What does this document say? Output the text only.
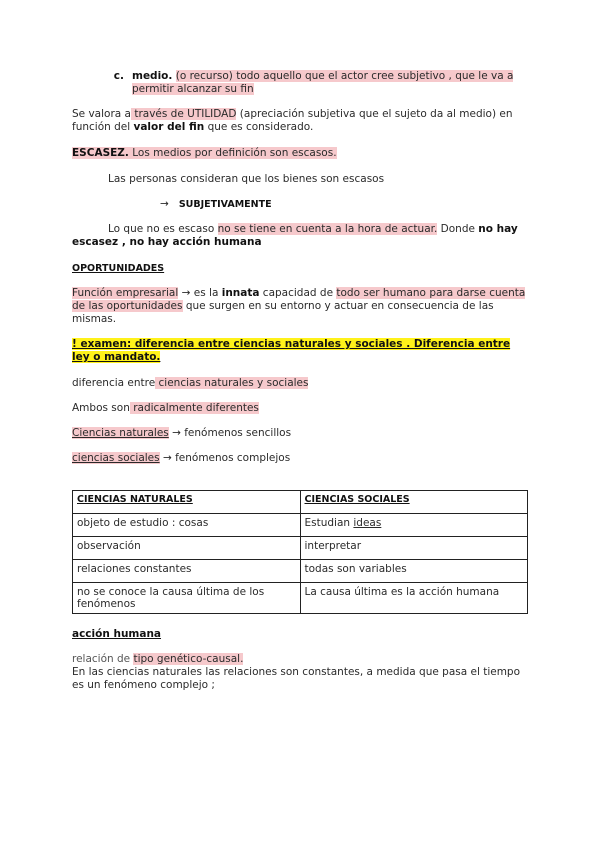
c. medio. (o recurso) todo aquello que el actor cree subjetivo , que le va a permitir alcanzar su fin
Se valora a través de UTILIDAD (apreciación subjetiva que el sujeto da al medio) en función del valor del fin que es considerado.
ESCASEZ. Los medios por definición son escasos.
Las personas consideran que los bienes son escasos
→ SUBJETIVAMENTE
Lo que no es escaso no se tiene en cuenta a la hora de actuar. Donde no hay escasez , no hay acción humana
OPORTUNIDADES
Función empresarial → es la innata capacidad de todo ser humano para darse cuenta de las oportunidades que surgen en su entorno y actuar en consecuencia de las mismas.
! examen: diferencia entre ciencias naturales y sociales . Diferencia entre ley o mandato.
diferencia entre ciencias naturales y sociales
Ambos son radicalmente diferentes
Ciencias naturales → fenómenos sencillos
ciencias sociales → fenómenos complejos
CIENCIAS NATURALES	CIENCIAS SOCIALES
objeto de estudio : cosas	Estudian ideas
observación	interpretar
relaciones constantes	todas son variables
no se conoce la causa última de los fenómenos	La causa última es la acción humana
acción humana
relación de tipo genético-causal.
En las ciencias naturales las relaciones son constantes, a medida que pasa el tiempo es un fenómeno complejo ;
